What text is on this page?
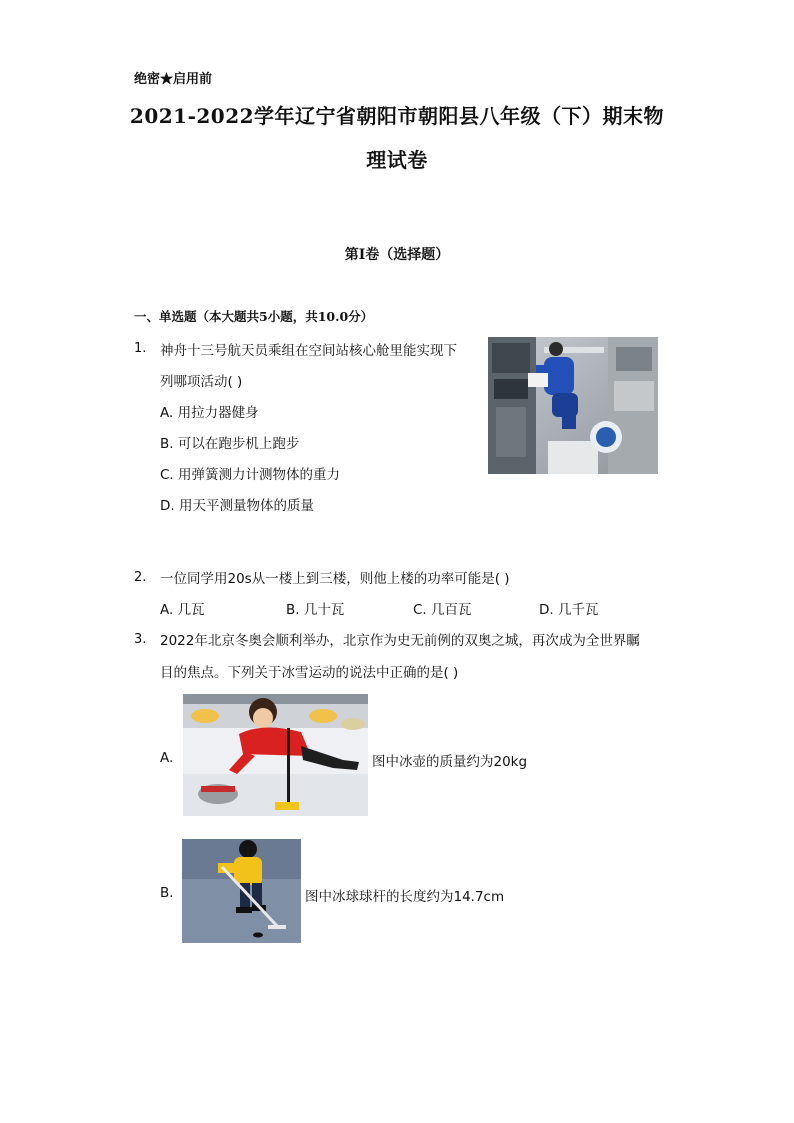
绝密★启用前
2021-2022学年辽宁省朝阳市朝阳县八年级（下）期末物
理试卷
第I卷（选择题）
一、单选题（本大题共5小题，共10.0分）
1. 神舟十三号航天员乘组在空间站核心舱里能实现下
列哪项活动( )
A. 用拉力器健身
B. 可以在跑步机上跑步
C. 用弹簧测力计测物体的重力
D. 用天平测量物体的质量
2. 一位同学用20s从一楼上到三楼，则他上楼的功率可能是( )
A. 几瓦	B. 几十瓦	C. 几百瓦	D. 几千瓦
3. 2022年北京冬奥会顺利举办，北京作为史无前例的双奥之城，再次成为全世界瞩
目的焦点。下列关于冰雪运动的说法中正确的是( )
A.	图中冰壶的质量约为20kg
B.	图中冰球球杆的长度约为14.7cm
